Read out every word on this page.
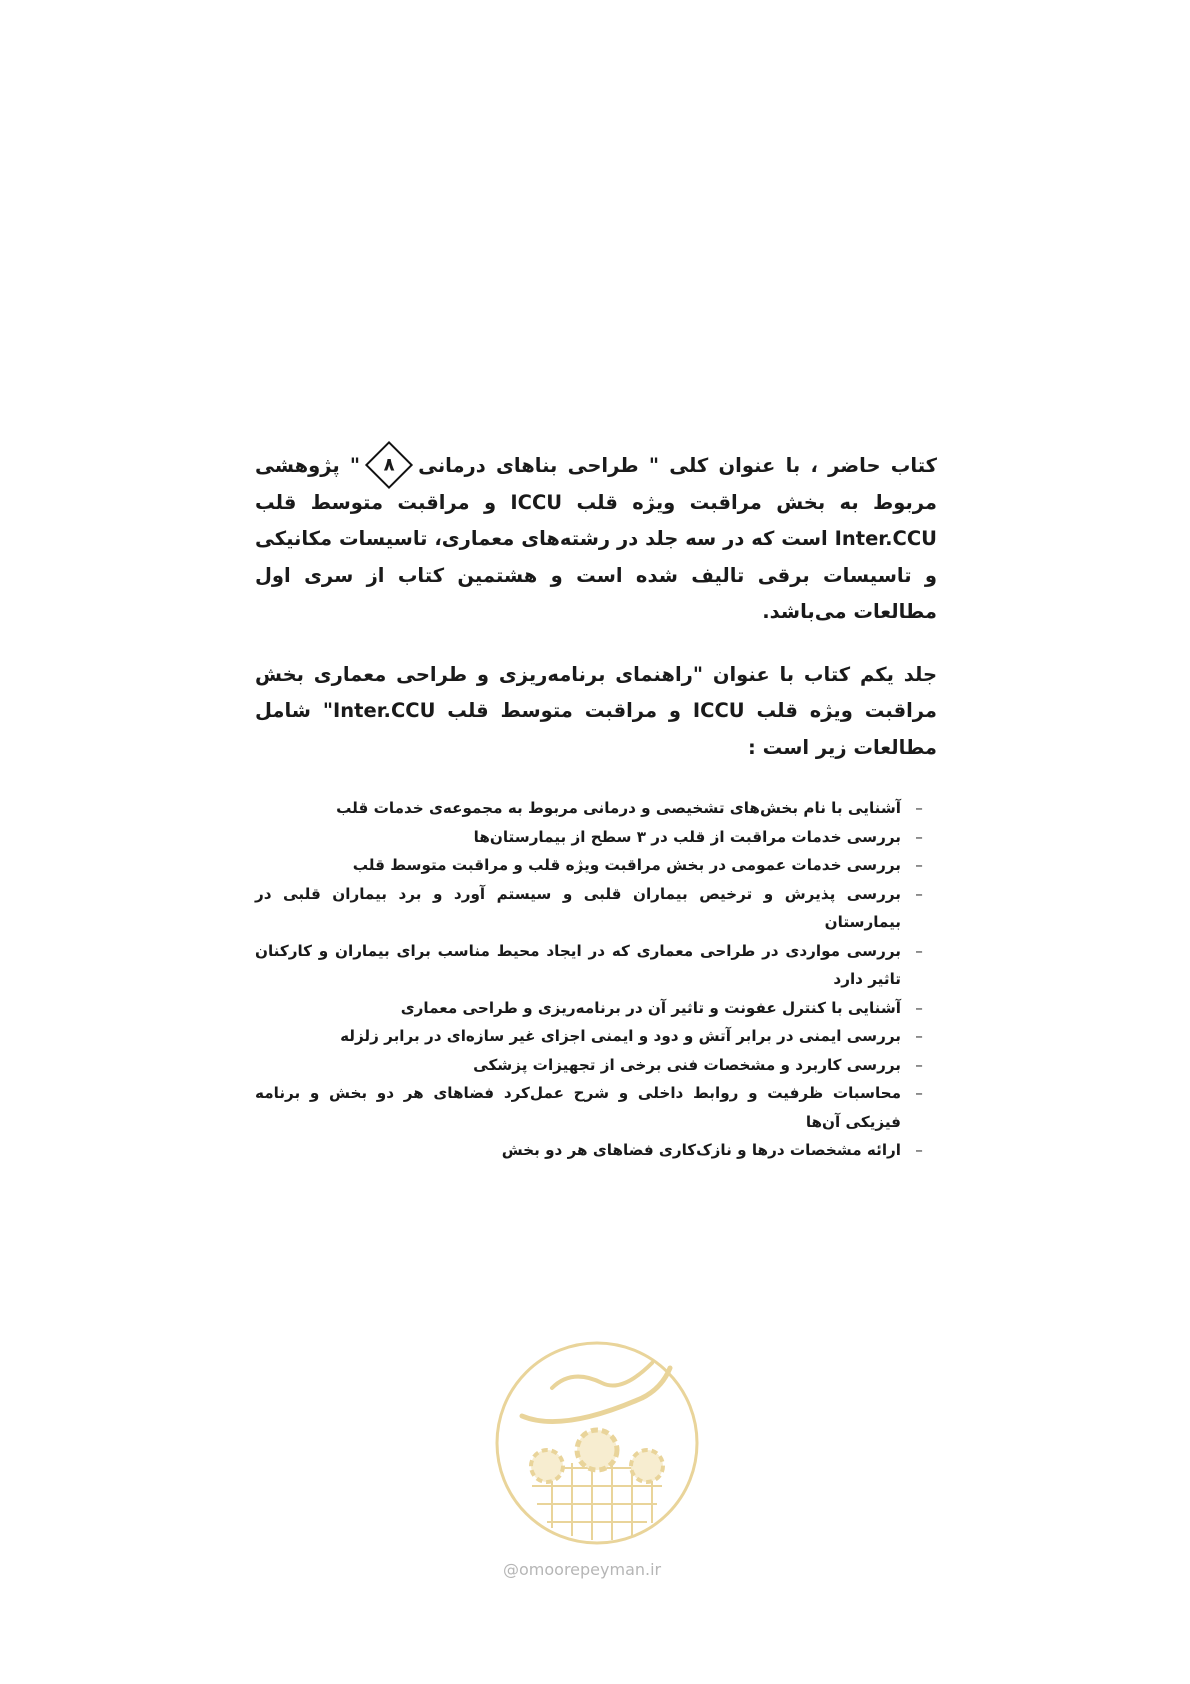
کتاب حاضر ، با عنوان کلی " طراحی بناهای درمانی
۸
" پژوهشی مربوط به بخش مراقبت ویژه قلب ICCU و مراقبت متوسط قلب Inter.CCU است که در سه جلد در رشته‌های معماری، تاسیسات مکانیکی و تاسیسات برقی تالیف شده است و هشتمین کتاب از سری اول مطالعات می‌باشد.

جلد یکم کتاب با عنوان "راهنمای برنامه‌ریزی و طراحی معماری بخش مراقبت ویژه قلب ICCU و مراقبت متوسط قلب Inter.CCU" شامل مطالعات زیر است :

–
آشنایی با نام بخش‌های تشخیصی و درمانی مربوط به مجموعه‌ی خدمات قلب
–
بررسی خدمات مراقبت از قلب در ۳ سطح از بیمارستان‌ها
–
بررسی خدمات عمومی در بخش مراقبت ویژه قلب و مراقبت متوسط قلب
–
بررسی پذیرش و ترخیص بیماران قلبی و سیستم آورد و برد بیماران قلبی در بیمارستان
–
بررسی مواردی در طراحی معماری که در ایجاد محیط مناسب برای بیماران و کارکنان تاثیر دارد
–
آشنایی با کنترل عفونت و تاثیر آن در برنامه‌ریزی و طراحی معماری
–
بررسی ایمنی در برابر آتش و دود و ایمنی اجزای غیر سازه‌ای در برابر زلزله
–
بررسی کاربرد و مشخصات فنی برخی از تجهیزات پزشکی
–
محاسبات ظرفیت و روابط داخلی و شرح عمل‌کرد فضاهای هر دو بخش و برنامه فیزیکی آن‌ها
–
ارائه مشخصات درها و نازک‌کاری فضاهای هر دو بخش
@omoorepeyman.ir
